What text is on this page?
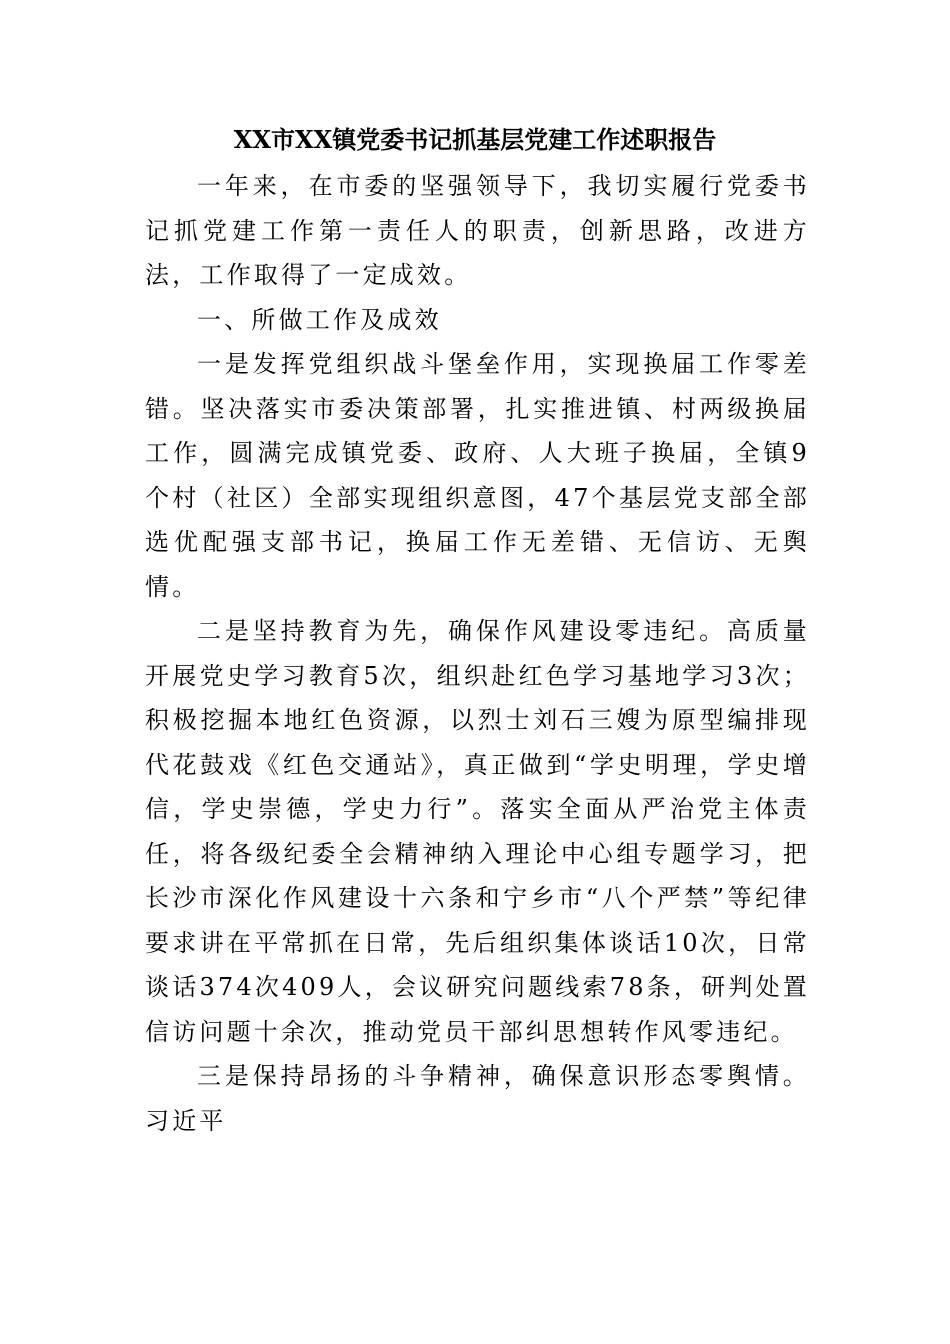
XX市XX镇党委书记抓基层党建工作述职报告

一年来，在市委的坚强领导下，我切实履行党委书记抓党建工作第一责任人的职责，创新思路，改进方法，工作取得了一定成效。

一、所做工作及成效

一是发挥党组织战斗堡垒作用，实现换届工作零差错。坚决落实市委决策部署，扎实推进镇、村两级换届工作，圆满完成镇党委、政府、人大班子换届，全镇9个村（社区）全部实现组织意图，47个基层党支部全部选优配强支部书记，换届工作无差错、无信访、无舆情。

二是坚持教育为先，确保作风建设零违纪。高质量开展党史学习教育5次，组织赴红色学习基地学习3次；积极挖掘本地红色资源，以烈士刘石三嫂为原型编排现代花鼓戏《红色交通站》，真正做到“学史明理，学史增信，学史崇德，学史力行”。落实全面从严治党主体责任，将各级纪委全会精神纳入理论中心组专题学习，把长沙市深化作风建设十六条和宁乡市“八个严禁”等纪律要求讲在平常抓在日常，先后组织集体谈话10次，日常谈话374次409人，会议研究问题线索78条，研判处置信访问题十余次，推动党员干部纠思想转作风零违纪。

三是保持昂扬的斗争精神，确保意识形态零舆情。习近平
